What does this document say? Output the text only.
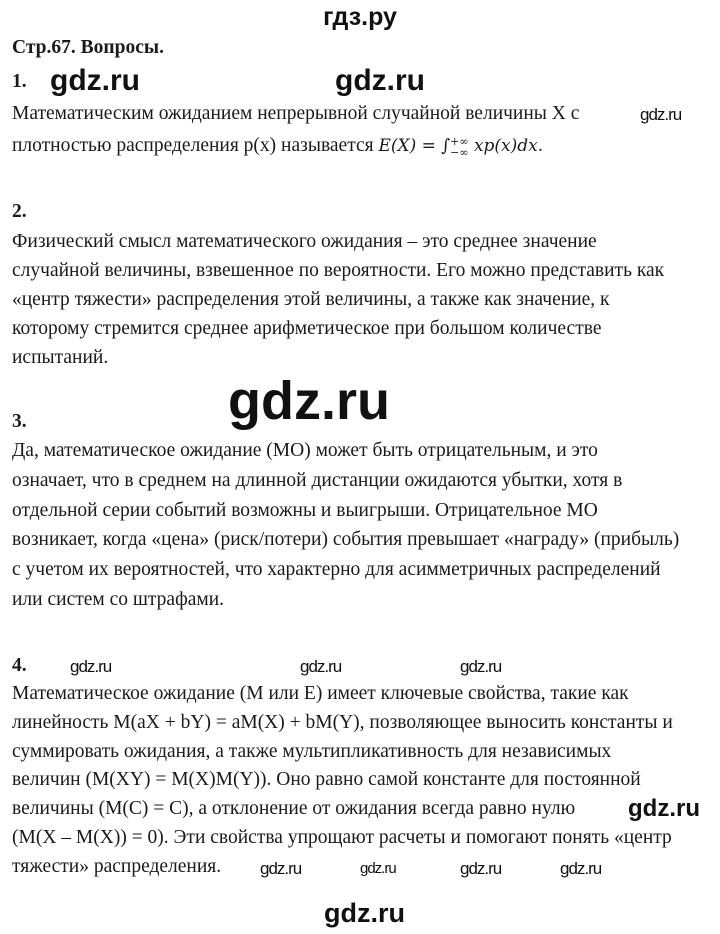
гдз.ру
Стр.67. Вопросы.
1.
Математическим ожиданием непрерывной случайной величины X с
плотностью распределения p(x) называется E(X) = ∫ +∞
−∞ xp(x)dx.
2.
Физический смысл математического ожидания – это среднее значение
случайной величины, взвешенное по вероятности. Его можно представить как
«центр тяжести» распределения этой величины, а также как значение, к
которому стремится среднее арифметическое при большом количестве
испытаний.
3.
Да, математическое ожидание (МО) может быть отрицательным, и это
означает, что в среднем на длинной дистанции ожидаются убытки, хотя в
отдельной серии событий возможны и выигрыши. Отрицательное МО
возникает, когда «цена» (риск/потери) события превышает «награду» (прибыль)
с учетом их вероятностей, что характерно для асимметричных распределений
или систем со штрафами.
4.
Математическое ожидание (M или E) имеет ключевые свойства, такие как
линейность M(aX + bY) = aM(X) + bM(Y), позволяющее выносить константы и
суммировать ожидания, а также мультипликативность для независимых
величин (M(XY) = M(X)M(Y)). Оно равно самой константе для постоянной
величины (M(C) = C), а отклонение от ожидания всегда равно нулю
(M(X – M(X)) = 0). Эти свойства упрощают расчеты и помогают понять «центр
тяжести» распределения.
gdz.ru	gdz.ru
gdz.ru
gdz.ru
gdz.ru	gdz.ru
gdz.ru
gdz.ru
gdz.ru	gdz.ru
gdz.ru	gdz.ru
gdz.ru
